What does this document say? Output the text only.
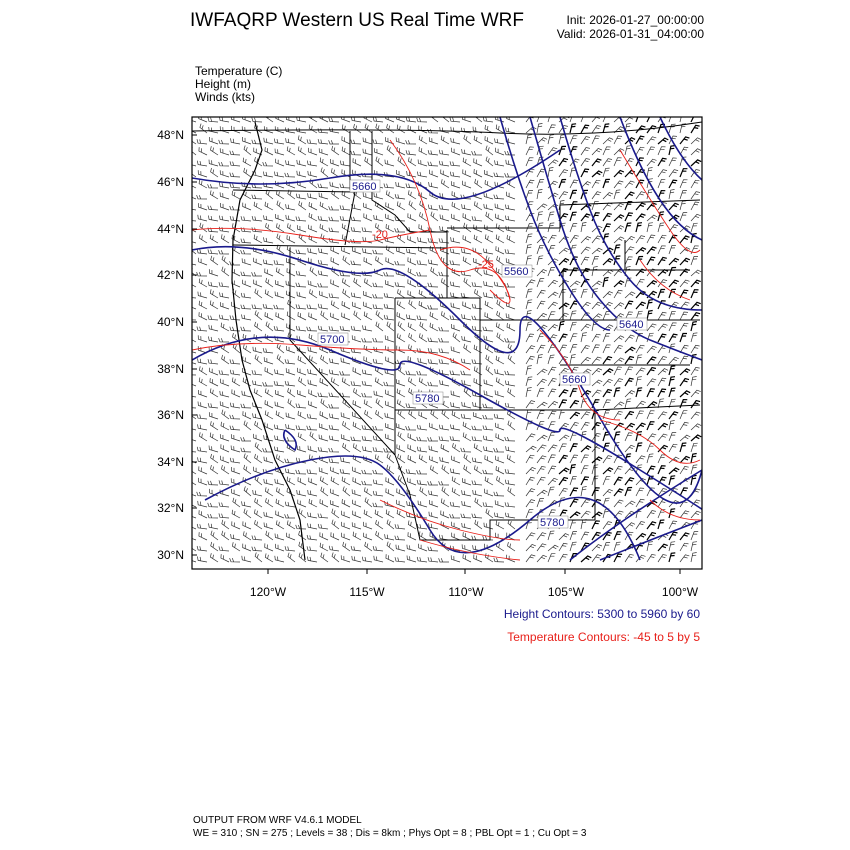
IWFAQRP Western US Real Time WRF	Init: 2026-01-27_00:00:00
Valid: 2026-01-31_04:00:00
Temperature (C)
Height (m)
Winds (kts)
5660
5560
5640
5700
5780
5660
5780
-20
-25
48°N
46°N
44°N
42°N
40°N
38°N
36°N
34°N
32°N
30°N
120°W	115°W	110°W	105°W	100°W
Height Contours: 5300 to 5960 by 60
Temperature Contours: -45 to 5 by 5
OUTPUT FROM WRF V4.6.1 MODEL
WE = 310 ; SN = 275 ; Levels = 38 ; Dis = 8km ; Phys Opt = 8 ; PBL Opt = 1 ; Cu Opt = 3
